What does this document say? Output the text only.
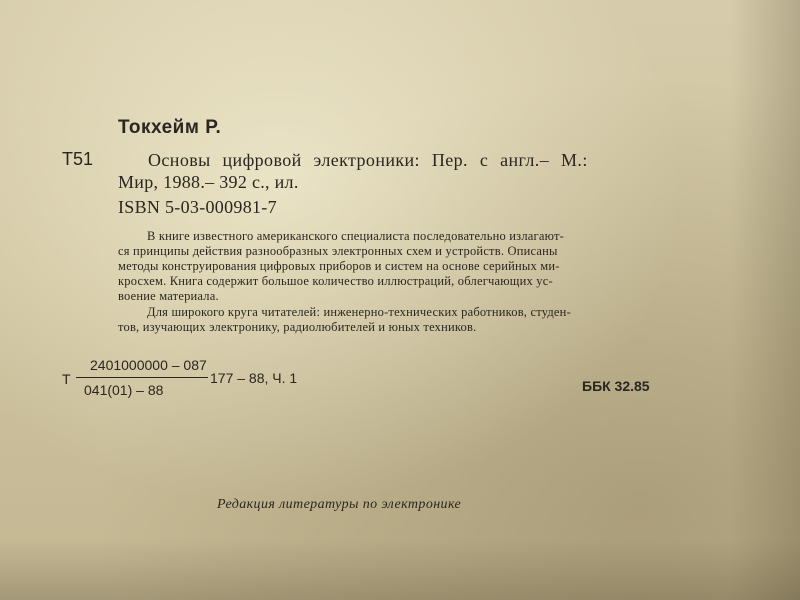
Токхейм Р.
Т51	Основы цифровой электроники: Пер. с англ.– М.:
Мир, 1988.– 392 с., ил.
ISBN 5-03-000981-7
В книге известного американского специалиста последовательно излагают-
ся принципы действия разнообразных электронных схем и устройств. Описаны
методы конструирования цифровых приборов и систем на основе серийных ми-
кросхем. Книга содержит большое количество иллюстраций, облегчающих ус-
воение материала.
Для широкого круга читателей: инженерно-технических работников, студен-
тов, изучающих электронику, радиолюбителей и юных техников.
Т
2401000000 – 087
041(01) – 88
177 – 88, Ч. 1	ББК 32.85
Редакция литературы по электронике
